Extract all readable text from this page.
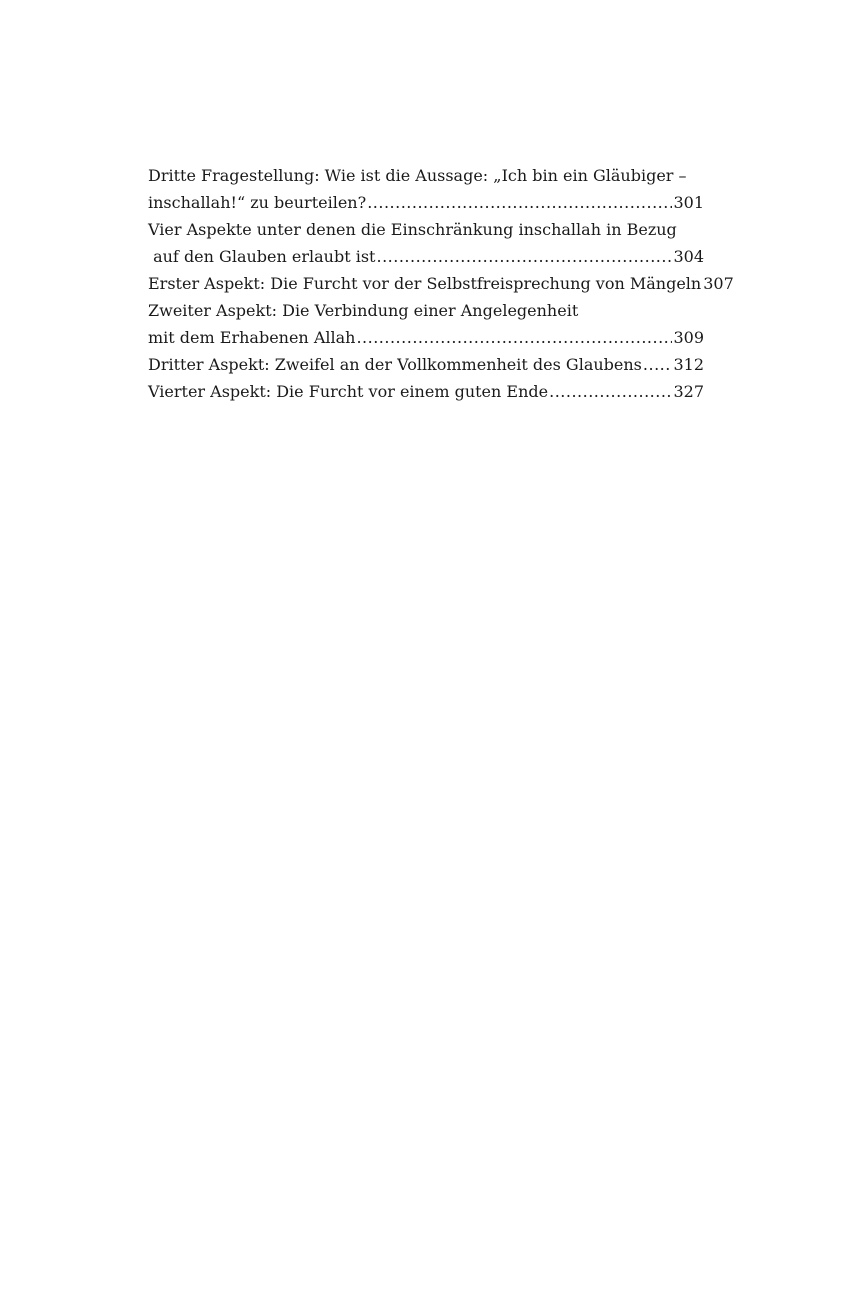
Dritte Fragestellung: Wie ist die Aussage: „Ich bin ein Gläubiger –
inschallah!“ zu beurteilen? .....	301
Vier Aspekte unter denen die Einschränkung inschallah in Bezug
auf den Glauben erlaubt ist .....	304
Erster Aspekt: Die Furcht vor der Selbstfreisprechung von Mängeln 307
Zweiter Aspekt: Die Verbindung einer Angelegenheit
mit dem Erhabenen Allah .....	309
Dritter Aspekt: Zweifel an der Vollkommenheit des Glaubens ..... 312
Vierter Aspekt: Die Furcht vor einem guten Ende .....	327
